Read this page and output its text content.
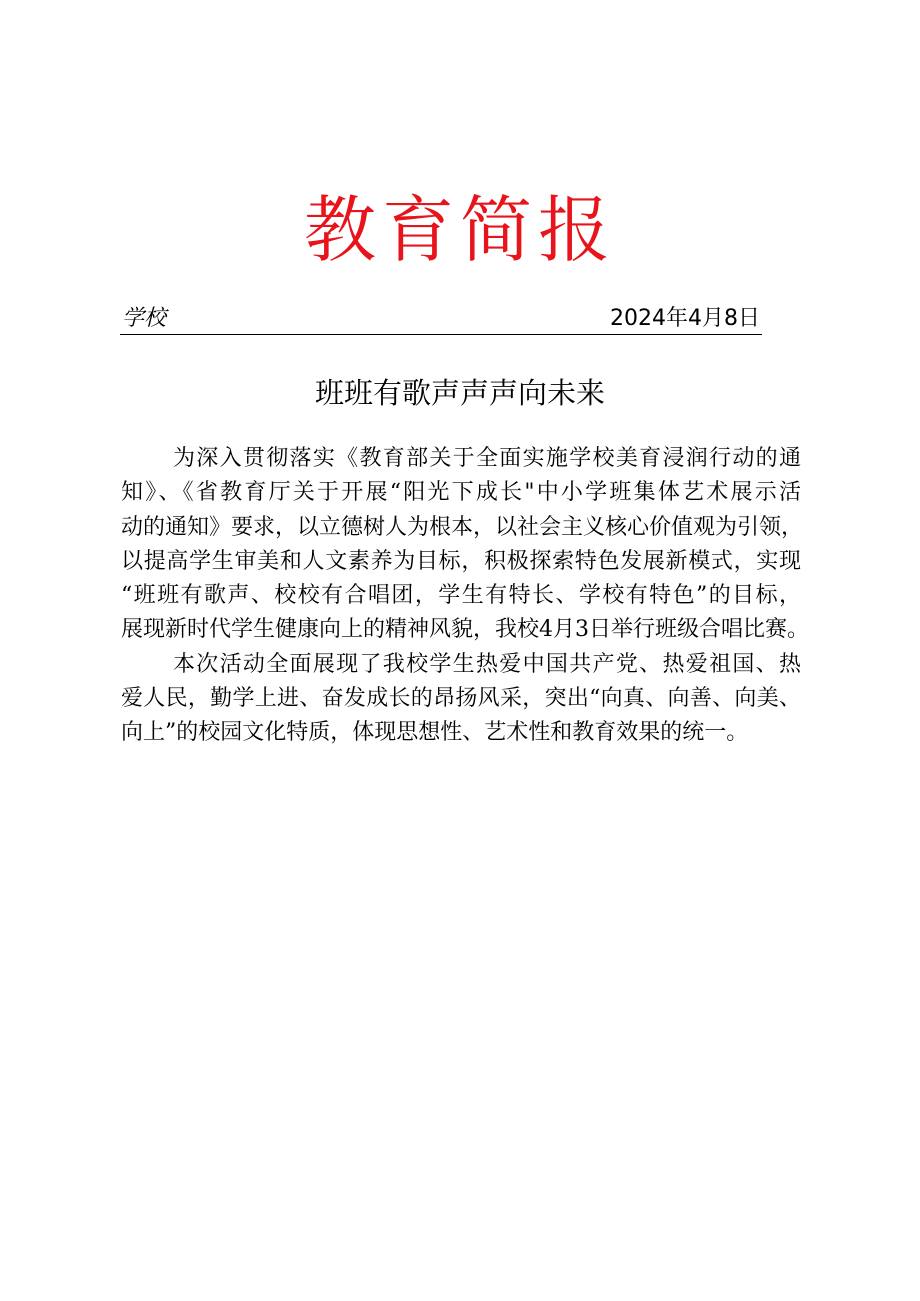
教育简报
学校	2024年4月8日
班班有歌声声声向未来
为深入贯彻落实《教育部关于全面实施学校美育浸润行动的通
知》、《省教育厅关于开展“阳光下成长"中小学班集体艺术展示活
动的通知》要求，以立德树人为根本，以社会主义核心价值观为引领，
以提高学生审美和人文素养为目标，积极探索特色发展新模式，实现
“班班有歌声、校校有合唱团，学生有特长、学校有特色”的目标，
展现新时代学生健康向上的精神风貌，我校4月3日举行班级合唱比赛。
本次活动全面展现了我校学生热爱中国共产党、热爱祖国、热
爱人民，勤学上进、奋发成长的昂扬风采，突出“向真、向善、向美、
向上”的校园文化特质，体现思想性、艺术性和教育效果的统一。
